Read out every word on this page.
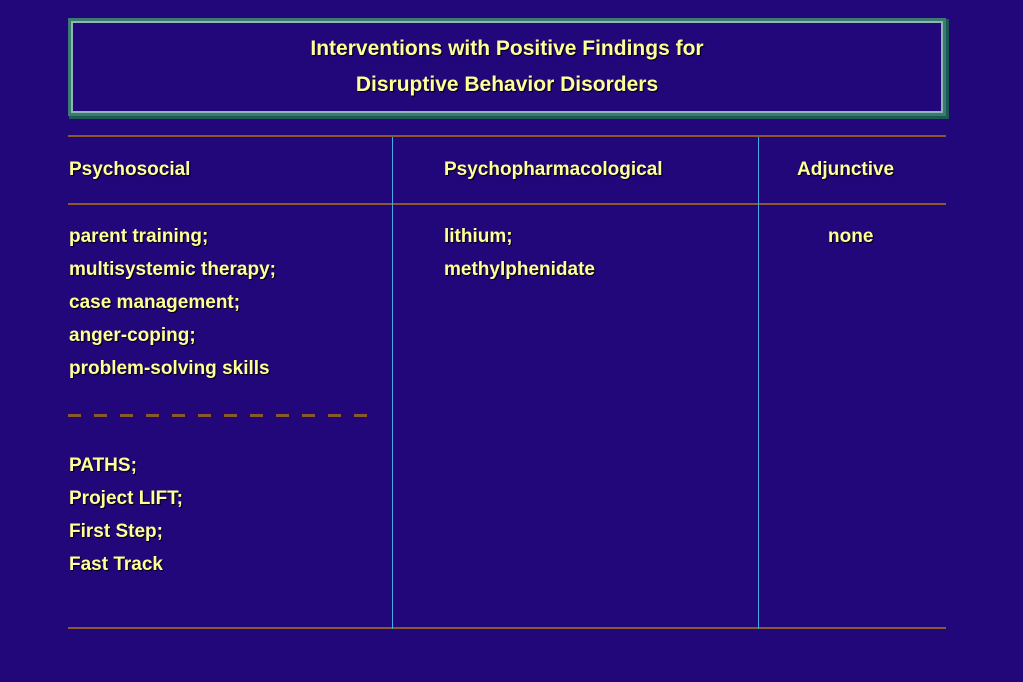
Interventions with Positive Findings for
Disruptive Behavior Disorders
Psychosocial	Psychopharmacological	Adjunctive
parent training;
multisystemic therapy;
case management;
anger-coping;
problem-solving skills
PATHS;
Project LIFT;
First Step;
Fast Track
lithium;
methylphenidate
none
